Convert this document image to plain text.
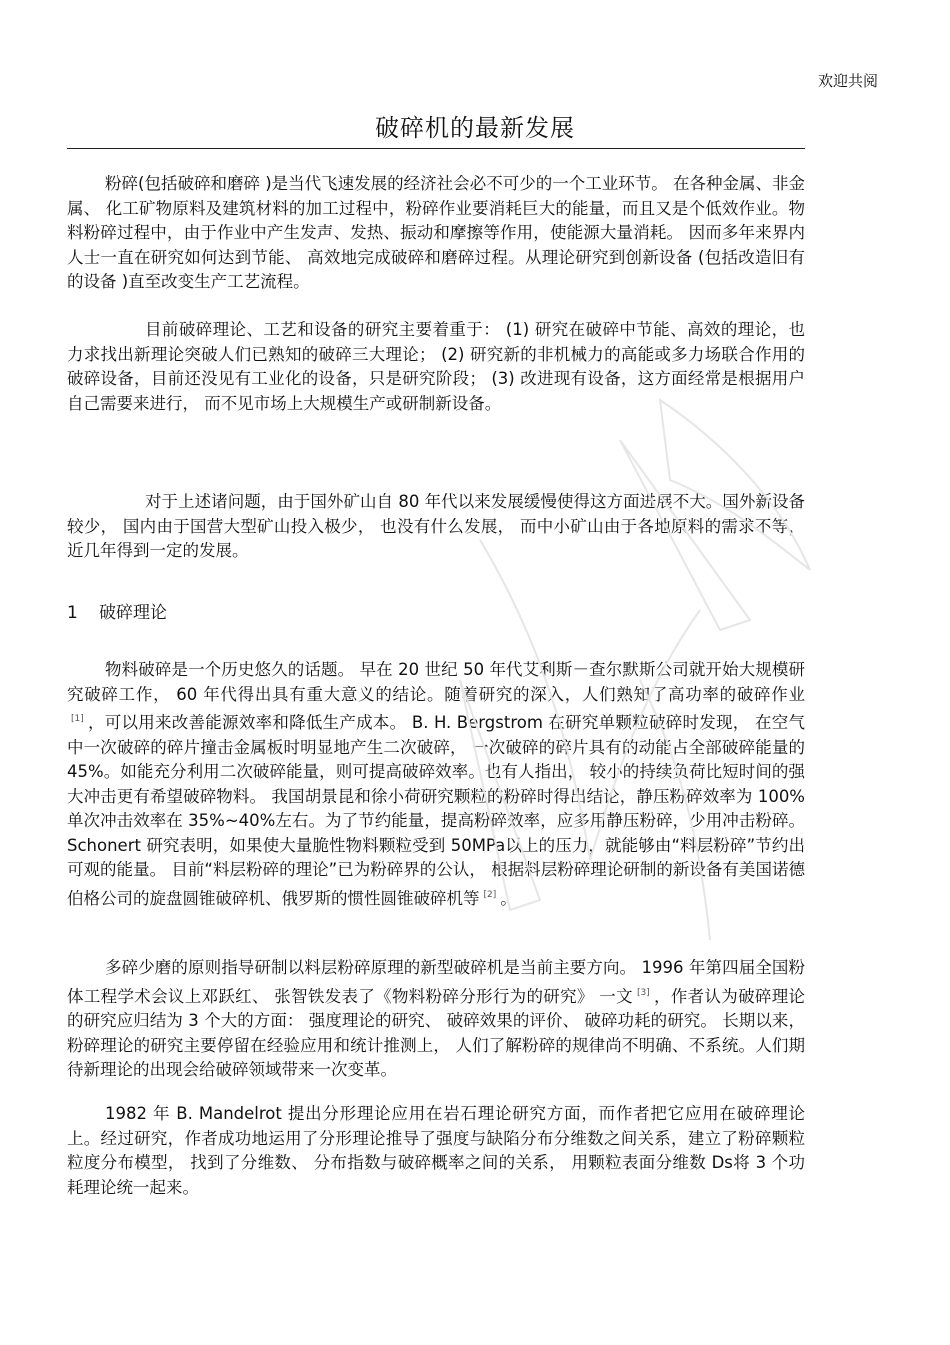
欢迎共阅
破碎机的最新发展

粉碎(包括破碎和磨碎 )是当代飞速发展的经济社会必不可少的一个工业环节。 在各种金属、非金属、 化工矿物原料及建筑材料的加工过程中，粉碎作业要消耗巨大的能量，而且又是个低效作业。物料粉碎过程中，由于作业中产生发声、发热、振动和摩擦等作用，使能源大量消耗。 因而多年来界内人士一直在研究如何达到节能、 高效地完成破碎和磨碎过程。从理论研究到创新设备 (包括改造旧有的设备 )直至改变生产工艺流程。

目前破碎理论、工艺和设备的研究主要着重于： (1) 研究在破碎中节能、高效的理论，也力求找出新理论突破人们已熟知的破碎三大理论； (2) 研究新的非机械力的高能或多力场联合作用的破碎设备，目前还没见有工业化的设备，只是研究阶段； (3) 改进现有设备，这方面经常是根据用户自己需要来进行， 而不见市场上大规模生产或研制新设备。

对于上述诸问题，由于国外矿山自 80 年代以来发展缓慢使得这方面进展不大。国外新设备较少， 国内由于国营大型矿山投入极少， 也没有什么发展， 而中小矿山由于各地原料的需求不等，近几年得到一定的发展。

1 破碎理论

物料破碎是一个历史悠久的话题。 早在 20 世纪 50 年代艾利斯－查尔默斯公司就开始大规模研究破碎工作， 60 年代得出具有重大意义的结论。随着研究的深入，人们熟知了高功率的破碎作业[1] ，可以用来改善能源效率和降低生产成本。 B. H. Bergstrom 在研究单颗粒破碎时发现， 在空气中一次破碎的碎片撞击金属板时明显地产生二次破碎， 一次破碎的碎片具有的动能占全部破碎能量的 45%。如能充分利用二次破碎能量，则可提高破碎效率。也有人指出， 较小的持续负荷比短时间的强大冲击更有希望破碎物料。 我国胡景昆和徐小荷研究颗粒的粉碎时得出结论，静压粉碎效率为 100% 单次冲击效率在 35%~40%左右。为了节约能量，提高粉碎效率，应多用静压粉碎，少用冲击粉碎。 Schonert 研究表明，如果使大量脆性物料颗粒受到 50MPa以上的压力，就能够由“料层粉碎”节约出可观的能量。 目前“料层粉碎的理论”已为粉碎界的公认， 根据料层粉碎理论研制的新设备有美国诺德伯格公司的旋盘圆锥破碎机、俄罗斯的惯性圆锥破碎机等 [2] 。

多碎少磨的原则指导研制以料层粉碎原理的新型破碎机是当前主要方向。 1996 年第四届全国粉体工程学术会议上邓跃红、 张智铁发表了《物料粉碎分形行为的研究》 一文 [3] ，作者认为破碎理论的研究应归结为 3 个大的方面： 强度理论的研究、 破碎效果的评价、 破碎功耗的研究。 长期以来， 粉碎理论的研究主要停留在经验应用和统计推测上， 人们了解粉碎的规律尚不明确、不系统。人们期待新理论的出现会给破碎领域带来一次变革。

1982 年 B. Mandelrot 提出分形理论应用在岩石理论研究方面，而作者把它应用在破碎理论上。经过研究，作者成功地运用了分形理论推导了强度与缺陷分布分维数之间关系，建立了粉碎颗粒粒度分布模型， 找到了分维数、 分布指数与破碎概率之间的关系， 用颗粒表面分维数 Ds将 3 个功耗理论统一起来。
